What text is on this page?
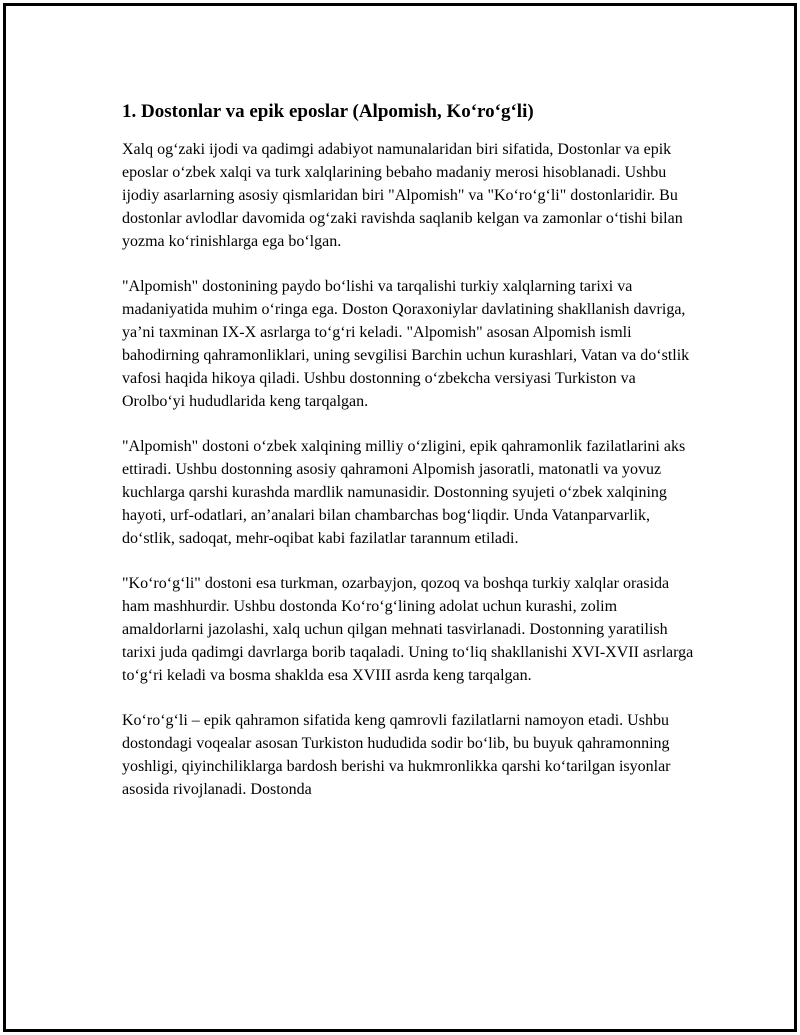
1. Dostonlar va epik eposlar (Alpomish, Ko‘ro‘g‘li)

Xalq og‘zaki ijodi va qadimgi adabiyot namunalaridan biri sifatida, Dostonlar va epik eposlar o‘zbek xalqi va turk xalqlarining bebaho madaniy merosi hisoblanadi. Ushbu ijodiy asarlarning asosiy qismlaridan biri "Alpomish" va "Ko‘ro‘g‘li" dostonlaridir. Bu dostonlar avlodlar davomida og‘zaki ravishda saqlanib kelgan va zamonlar o‘tishi bilan yozma ko‘rinishlarga ega bo‘lgan.

"Alpomish" dostonining paydo bo‘lishi va tarqalishi turkiy xalqlarning tarixi va madaniyatida muhim o‘ringa ega. Doston Qoraxoniylar davlatining shakllanish davriga, ya’ni taxminan IX-X asrlarga to‘g‘ri keladi. "Alpomish" asosan Alpomish ismli bahodirning qahramonliklari, uning sevgilisi Barchin uchun kurashlari, Vatan va do‘stlik vafosi haqida hikoya qiladi. Ushbu dostonning o‘zbekcha versiyasi Turkiston va Orolbo‘yi hududlarida keng tarqalgan.

"Alpomish" dostoni o‘zbek xalqining milliy o‘zligini, epik qahramonlik fazilatlarini aks ettiradi. Ushbu dostonning asosiy qahramoni Alpomish jasoratli, matonatli va yovuz kuchlarga qarshi kurashda mardlik namunasidir. Dostonning syujeti o‘zbek xalqining hayoti, urf-odatlari, an’analari bilan chambarchas bog‘liqdir. Unda Vatanparvarlik, do‘stlik, sadoqat, mehr-oqibat kabi fazilatlar tarannum etiladi.

"Ko‘ro‘g‘li" dostoni esa turkman, ozarbayjon, qozoq va boshqa turkiy xalqlar orasida ham mashhurdir. Ushbu dostonda Ko‘ro‘g‘lining adolat uchun kurashi, zolim amaldorlarni jazolashi, xalq uchun qilgan mehnati tasvirlanadi. Dostonning yaratilish tarixi juda qadimgi davrlarga borib taqaladi. Uning to‘liq shakllanishi XVI-XVII asrlarga to‘g‘ri keladi va bosma shaklda esa XVIII asrda keng tarqalgan.

Ko‘ro‘g‘li – epik qahramon sifatida keng qamrovli fazilatlarni namoyon etadi. Ushbu dostondagi voqealar asosan Turkiston hududida sodir bo‘lib, bu buyuk qahramonning yoshligi, qiyinchiliklarga bardosh berishi va hukmronlikka qarshi ko‘tarilgan isyonlar asosida rivojlanadi. Dostonda
